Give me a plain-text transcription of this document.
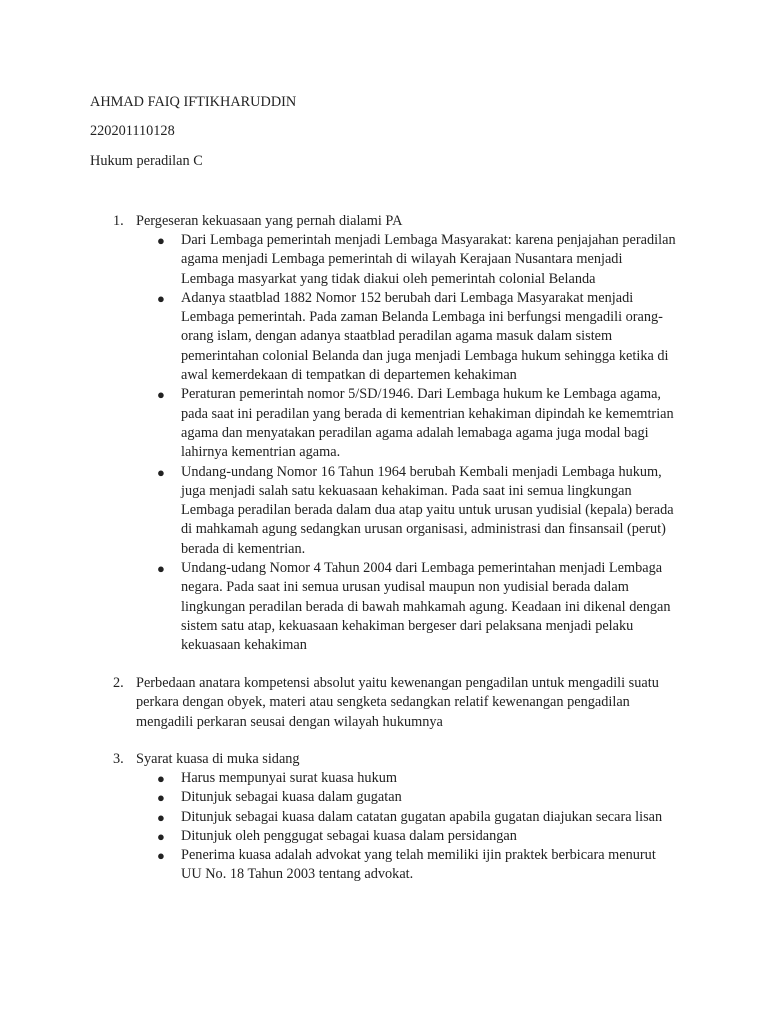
AHMAD FAIQ IFTIKHARUDDIN
220201110128
Hukum peradilan C
1. Pergeseran kekuasaan yang pernah dialami PA
● Dari Lembaga pemerintah menjadi Lembaga Masyarakat: karena penjajahan peradilan agama menjadi Lembaga pemerintah di wilayah Kerajaan Nusantara menjadi Lembaga masyarkat yang tidak diakui oleh pemerintah colonial Belanda
● Adanya staatblad 1882 Nomor 152 berubah dari Lembaga Masyarakat menjadi Lembaga pemerintah. Pada zaman Belanda Lembaga ini berfungsi mengadili orang-orang islam, dengan adanya staatblad peradilan agama masuk dalam sistem pemerintahan colonial Belanda dan juga menjadi Lembaga hukum sehingga ketika di awal kemerdekaan di tempatkan di departemen kehakiman
● Peraturan pemerintah nomor 5/SD/1946. Dari Lembaga hukum ke Lembaga agama, pada saat ini peradilan yang berada di kementrian kehakiman dipindah ke kememtrian agama dan menyatakan peradilan agama adalah lemabaga agama juga modal bagi lahirnya kementrian agama.
● Undang-undang Nomor 16 Tahun 1964 berubah Kembali menjadi Lembaga hukum, juga menjadi salah satu kekuasaan kehakiman. Pada saat ini semua lingkungan Lembaga peradilan berada dalam dua atap yaitu untuk urusan yudisial (kepala) berada di mahkamah agung sedangkan urusan organisasi, administrasi dan finsansail (perut) berada di kementrian.
● Undang-udang Nomor 4 Tahun 2004 dari Lembaga pemerintahan menjadi Lembaga negara. Pada saat ini semua urusan yudisal maupun non yudisial berada dalam lingkungan peradilan berada di bawah mahkamah agung. Keadaan ini dikenal dengan sistem satu atap, kekuasaan kehakiman bergeser dari pelaksana menjadi pelaku kekuasaan kehakiman
2. Perbedaan anatara kompetensi absolut yaitu kewenangan pengadilan untuk mengadili suatu perkara dengan obyek, materi atau sengketa sedangkan relatif kewenangan pengadilan mengadili perkaran seusai dengan wilayah hukumnya
3. Syarat kuasa di muka sidang
● Harus mempunyai surat kuasa hukum
● Ditunjuk sebagai kuasa dalam gugatan
● Ditunjuk sebagai kuasa dalam catatan gugatan apabila gugatan diajukan secara lisan
● Ditunjuk oleh penggugat sebagai kuasa dalam persidangan
● Penerima kuasa adalah advokat yang telah memiliki ijin praktek berbicara menurut UU No. 18 Tahun 2003 tentang advokat.
